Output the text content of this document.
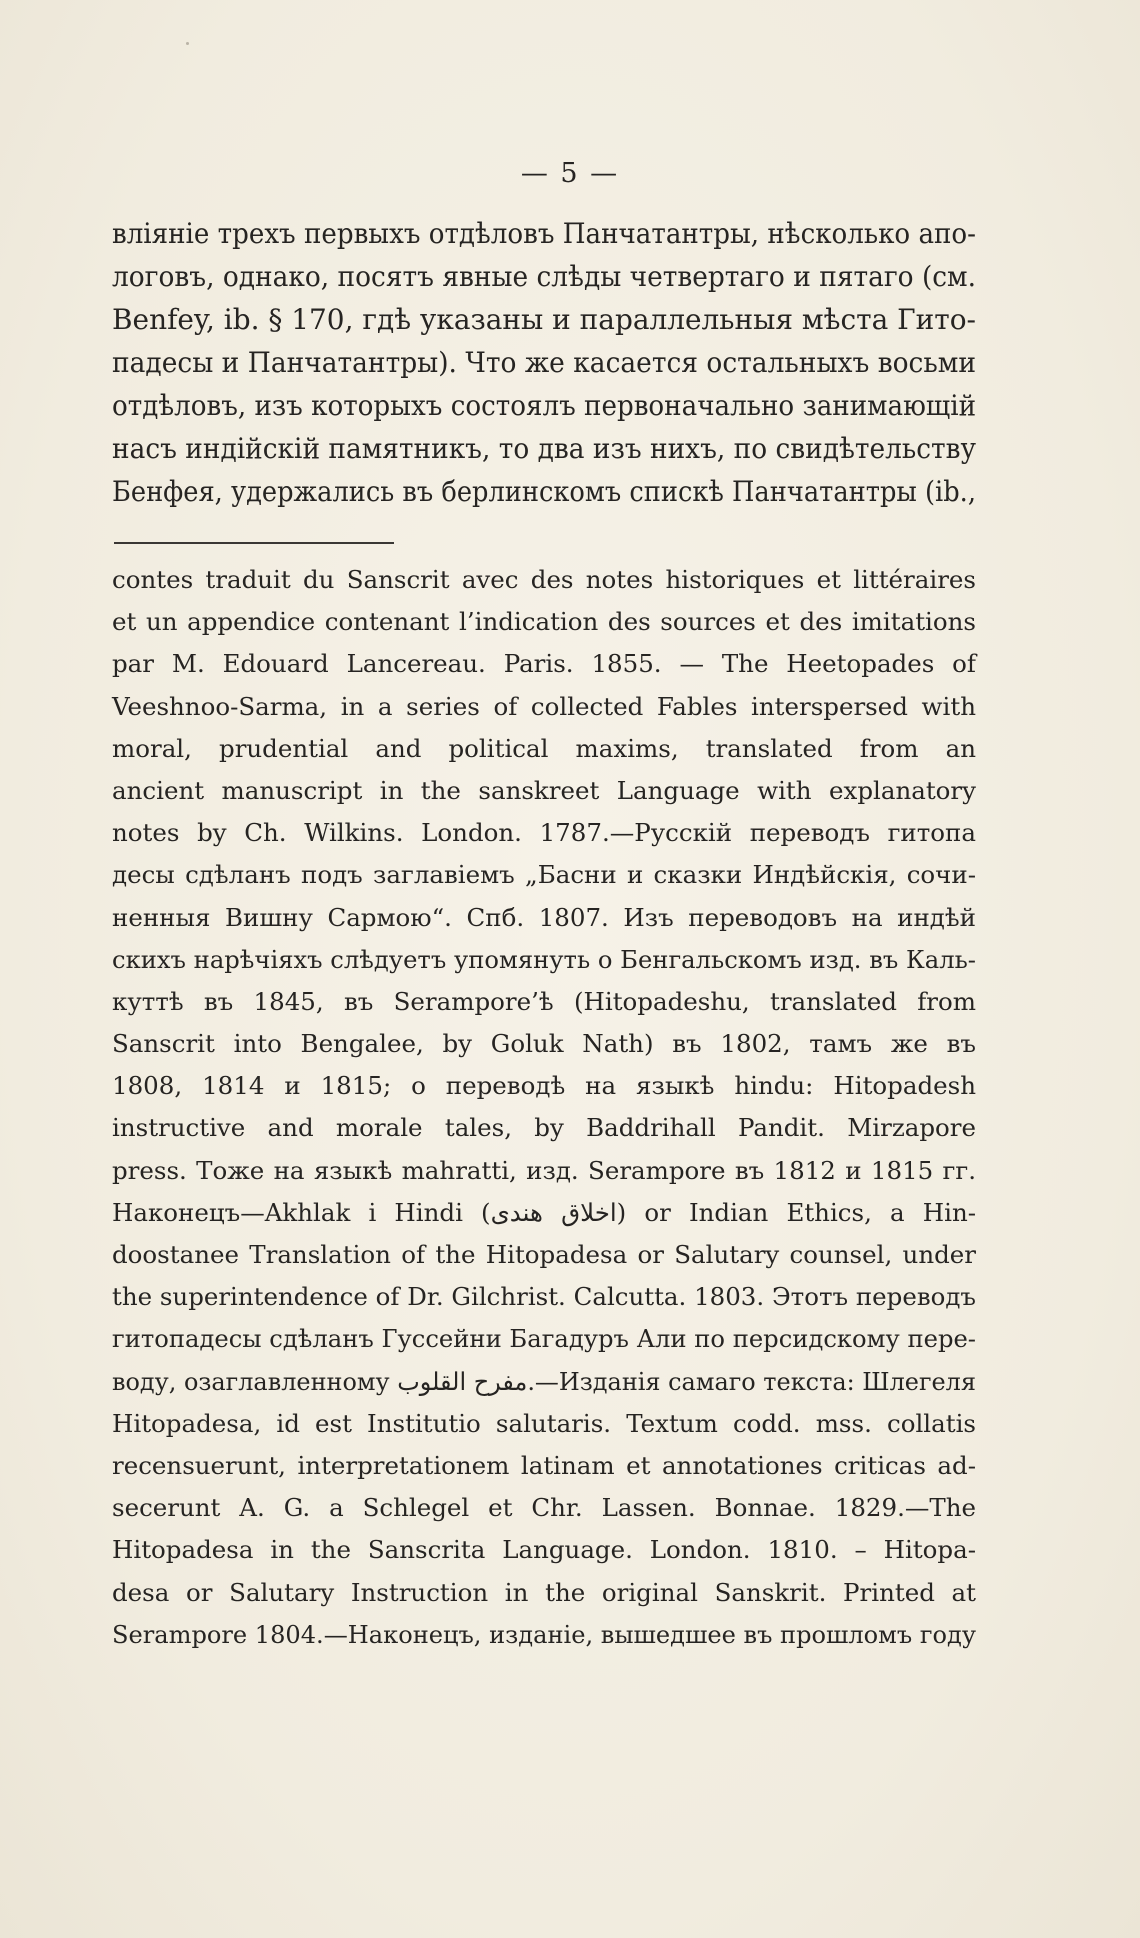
— 5 —
вліяніе трехъ первыхъ отдѣловъ Панчатантры, нѣсколько апо-
логовъ, однако, посятъ явные слѣды четвертаго и пятаго (см.
Benfey, ib. § 170, гдѣ указаны и параллельныя мѣста Гито-
падесы и Панчатантры). Что же касается остальныхъ восьми
отдѣловъ, изъ которыхъ состоялъ первоначально занимающій
насъ индійскій памятникъ, то два изъ нихъ, по свидѣтельству
Бенфея, удержались въ берлинскомъ спискѣ Панчатантры (ib.,
contes traduit du Sanscrit avec des notes historiques et littéraires
et un appendice contenant l’indication des sources et des imitations
par M. Edouard Lancereau. Paris. 1855. — The Heetopades of
Veeshnoo-Sarma, in a series of collected Fables interspersed with
moral, prudential and political maxims, translated from an
ancient manuscript in the sanskreet Language with explanatory
notes by Ch. Wilkins. London. 1787.—Русскій переводъ гитопа
десы сдѣланъ подъ заглавіемъ „Басни и сказки Индѣйскія, сочи-
ненныя Вишну Сармою“. Спб. 1807. Изъ переводовъ на индѣй
скихъ нарѣчіяхъ слѣдуетъ упомянуть о Бенгальскомъ изд. въ Каль-
куттѣ въ 1845, въ Serampore’ѣ (Hitopadeshu, translated from
Sanscrit into Bengalee, by Goluk Nath) въ 1802, тамъ же въ
1808, 1814 и 1815; о переводѣ на языкѣ hindu: Hitopadesh
instructive and morale tales, by Baddrihall Pandit. Mirzapore
press. Тоже на языкѣ mahratti, изд. Serampore въ 1812 и 1815 гг.
Наконецъ—Akhlak i Hindi (اخلاق هندی) or Indian Ethics, a Hin-
doostanee Translation of the Hitopadesa or Salutary counsel, under
the superintendence of Dr. Gilchrist. Calcutta. 1803. Этотъ переводъ
гитопадесы сдѣланъ Гуссейни Багадуръ Али по персидскому пере-
воду, озаглавленному مفرح القلوب.—Изданія самаго текста: Шлегеля
Hitopadesa, id est Institutio salutaris. Textum codd. mss. collatis
recensuerunt, interpretationem latinam et annotationes criticas ad-
secerunt A. G. a Schlegel et Chr. Lassen. Bonnae. 1829.—The
Hitopadesa in the Sanscrita Language. London. 1810. – Hitopa-
desa or Salutary Instruction in the original Sanskrit. Printed at
Serampore 1804.—Наконецъ, изданіе, вышедшее въ прошломъ году
